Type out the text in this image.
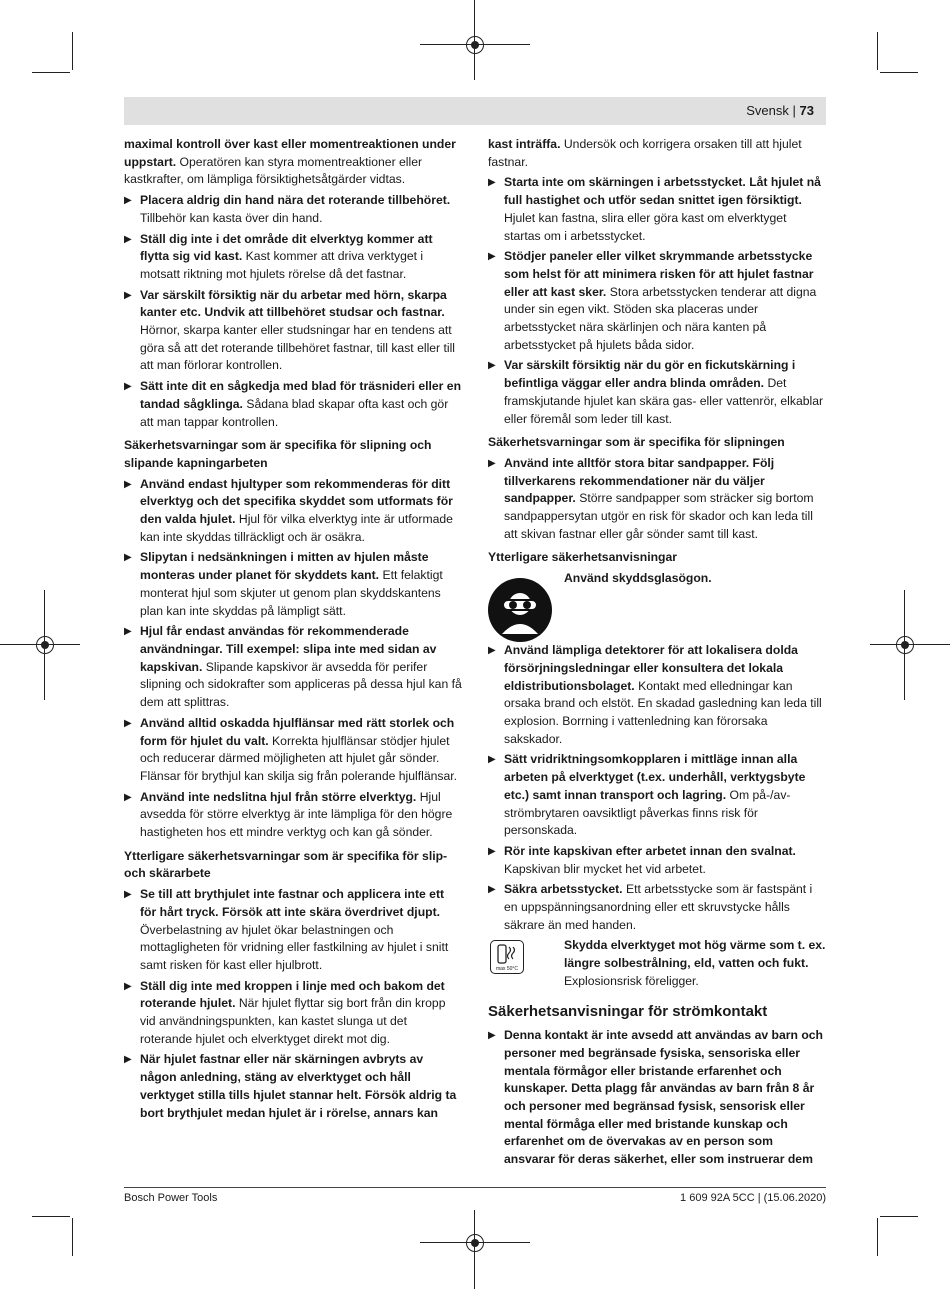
Svensk | 73
maximal kontroll över kast eller momentreaktionen under uppstart. Operatören kan styra momentreaktioner eller kastkrafter, om lämpliga försiktighetsåtgärder vidtas.
▶ Placera aldrig din hand nära det roterande tillbehöret. Tillbehör kan kasta över din hand.
▶ Ställ dig inte i det område dit elverktyg kommer att flytta sig vid kast. Kast kommer att driva verktyget i motsatt riktning mot hjulets rörelse då det fastnar.
▶ Var särskilt försiktig när du arbetar med hörn, skarpa kanter etc. Undvik att tillbehöret studsar och fastnar. Hörnor, skarpa kanter eller studsningar har en tendens att göra så att det roterande tillbehöret fastnar, till kast eller till att man förlorar kontrollen.
▶ Sätt inte dit en sågkedja med blad för träsnideri eller en tandad sågklinga. Sådana blad skapar ofta kast och gör att man tappar kontrollen.
Säkerhetsvarningar som är specifika för slipning och slipande kapningarbeten
▶ Använd endast hjultyper som rekommenderas för ditt elverktyg och det specifika skyddet som utformats för den valda hjulet. Hjul för vilka elverktyg inte är utformade kan inte skyddas tillräckligt och är osäkra.
▶ Slipytan i nedsänkningen i mitten av hjulen måste monteras under planet för skyddets kant. Ett felaktigt monterat hjul som skjuter ut genom plan skyddskantens plan kan inte skyddas på lämpligt sätt.
▶ Hjul får endast användas för rekommenderade användningar. Till exempel: slipa inte med sidan av kapskivan. Slipande kapskivor är avsedda för perifer slipning och sidokrafter som appliceras på dessa hjul kan få dem att splittras.
▶ Använd alltid oskadda hjulflänsar med rätt storlek och form för hjulet du valt. Korrekta hjulflänsar stödjer hjulet och reducerar därmed möjligheten att hjulet går sönder. Flänsar för brythjul kan skilja sig från polerande hjulflänsar.
▶ Använd inte nedslitna hjul från större elverktyg. Hjul avsedda för större elverktyg är inte lämpliga för den högre hastigheten hos ett mindre verktyg och kan gå sönder.
Ytterligare säkerhetsvarningar som är specifika för slip- och skärarbete
▶ Se till att brythjulet inte fastnar och applicera inte ett för hårt tryck. Försök att inte skära överdrivet djupt. Överbelastning av hjulet ökar belastningen och mottagligheten för vridning eller fastkilning av hjulet i snitt samt risken för kast eller hjulbrott.
▶ Ställ dig inte med kroppen i linje med och bakom det roterande hjulet. När hjulet flyttar sig bort från din kropp vid användningspunkten, kan kastet slunga ut det roterande hjulet och elverktyget direkt mot dig.
▶ När hjulet fastnar eller när skärningen avbryts av någon anledning, stäng av elverktyget och håll verktyget stilla tills hjulet stannar helt. Försök aldrig ta bort brythjulet medan hjulet är i rörelse, annars kan
kast inträffa. Undersök och korrigera orsaken till att hjulet fastnar.
▶ Starta inte om skärningen i arbetsstycket. Låt hjulet nå full hastighet och utför sedan snittet igen försiktigt. Hjulet kan fastna, slira eller göra kast om elverktyget startas om i arbetsstycket.
▶ Stödjer paneler eller vilket skrymmande arbetsstycke som helst för att minimera risken för att hjulet fastnar eller att kast sker. Stora arbetsstycken tenderar att digna under sin egen vikt. Stöden ska placeras under arbetsstycket nära skärlinjen och nära kanten på arbetsstycket på hjulets båda sidor.
▶ Var särskilt försiktig när du gör en fickutskärning i befintliga väggar eller andra blinda områden. Det framskjutande hjulet kan skära gas- eller vattenrör, elkablar eller föremål som leder till kast.
Säkerhetsvarningar som är specifika för slipningen
▶ Använd inte alltför stora bitar sandpapper. Följ tillverkarens rekommendationer när du väljer sandpapper. Större sandpapper som sträcker sig bortom sandpappersytan utgör en risk för skador och kan leda till att skivan fastnar eller går sönder samt till kast.
Ytterligare säkerhetsanvisningar
Använd skyddsglasögon.
▶ Använd lämpliga detektorer för att lokalisera dolda försörjningsledningar eller konsultera det lokala eldistributionsbolaget. Kontakt med elledningar kan orsaka brand och elstöt. En skadad gasledning kan leda till explosion. Borrning i vattenledning kan förorsaka sakskador.
▶ Sätt vridriktningsomkopplaren i mittläge innan alla arbeten på elverktyget (t.ex. underhåll, verktygsbyte etc.) samt innan transport och lagring. Om på-/av-strömbrytaren oavsiktligt påverkas finns risk för personskada.
▶ Rör inte kapskivan efter arbetet innan den svalnat. Kapskivan blir mycket het vid arbetet.
▶ Säkra arbetsstycket. Ett arbetsstycke som är fastspänt i en uppspänningsanordning eller ett skruvstycke hålls säkrare än med handen.
max 50°C
Skydda elverktyget mot hög värme som t. ex. längre solbestrålning, eld, vatten och fukt. Explosionsrisk föreligger.
Säkerhetsanvisningar för strömkontakt
▶ Denna kontakt är inte avsedd att användas av barn och personer med begränsade fysiska, sensoriska eller mentala förmågor eller bristande erfarenhet och kunskaper. Detta plagg får användas av barn från 8 år och personer med begränsad fysisk, sensorisk eller mental förmåga eller med bristande kunskap och erfarenhet om de övervakas av en person som ansvarar för deras säkerhet, eller som instruerar dem
Bosch Power Tools	1 609 92A 5CC | (15.06.2020)
